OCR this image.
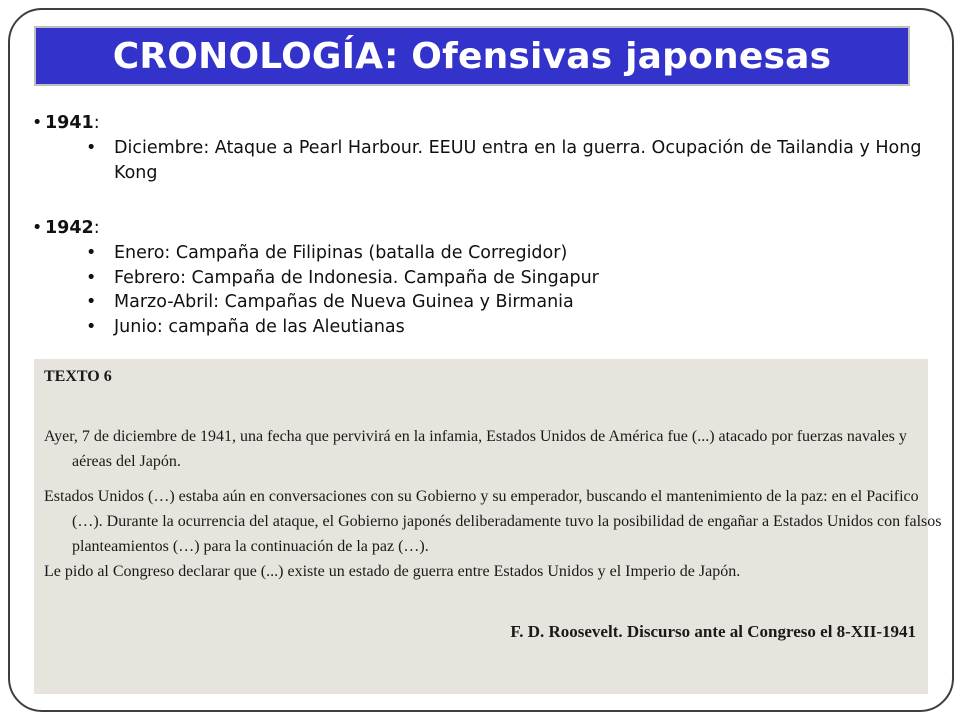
CRONOLOGÍA: Ofensivas japonesas
• 1941:
• Diciembre: Ataque a Pearl Harbour. EEUU entra en la guerra. Ocupación de Tailandia y Hong Kong
• 1942:
• Enero: Campaña de Filipinas (batalla de Corregidor)
• Febrero: Campaña de Indonesia. Campaña de Singapur
• Marzo-Abril: Campañas de Nueva Guinea y Birmania
• Junio: campaña de las Aleutianas
TEXTO 6
Ayer, 7 de diciembre de 1941, una fecha que pervivirá en la infamia, Estados Unidos de América fue (...) atacado por fuerzas navales y aéreas del Japón.
Estados Unidos (…) estaba aún en conversaciones con su Gobierno y su emperador, buscando el mantenimiento de la paz: en el Pacifico (…). Durante la ocurrencia del ataque, el Gobierno japonés deliberadamente tuvo la posibilidad de engañar a Estados Unidos con falsos planteamientos (…) para la continuación de la paz (…).
Le pido al Congreso declarar que (...) existe un estado de guerra entre Estados Unidos y el Imperio de Japón.
F. D. Roosevelt. Discurso ante al Congreso el 8-XII-1941
